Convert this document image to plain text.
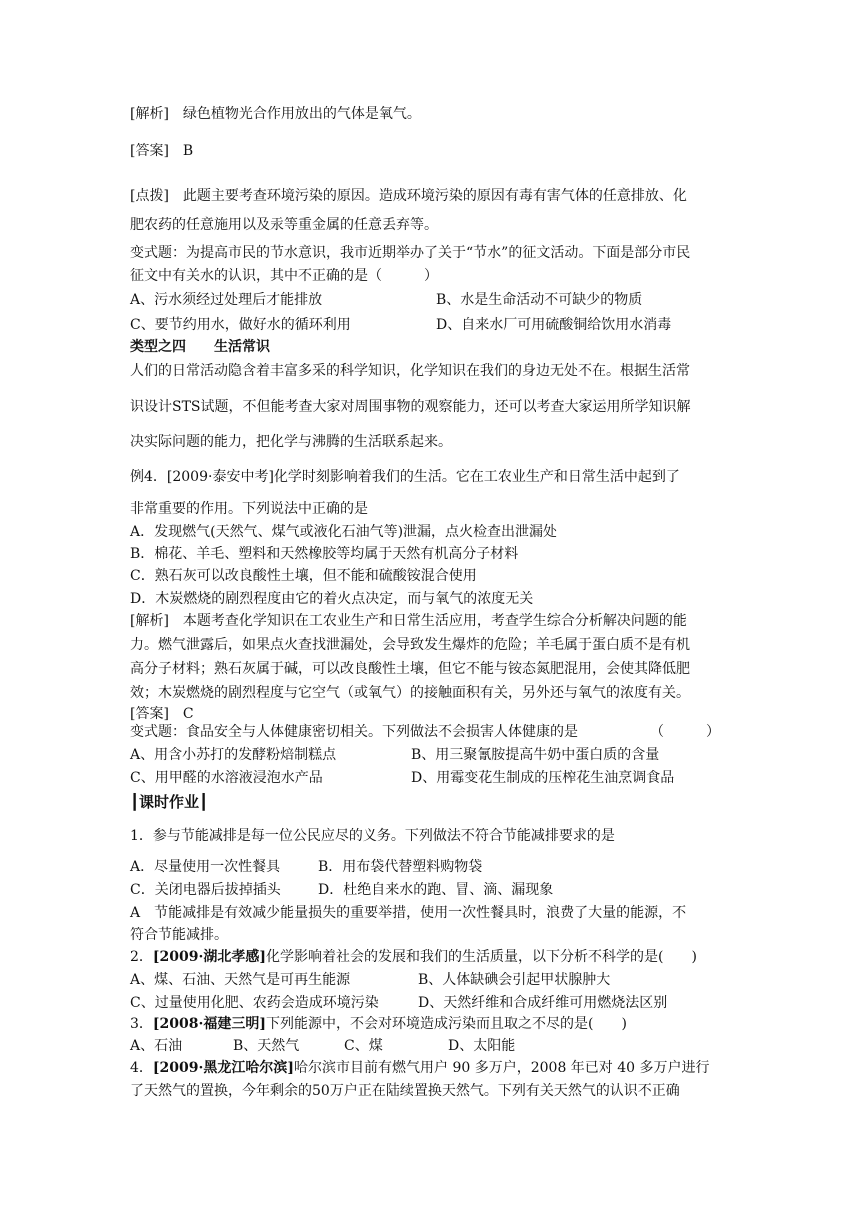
[解析]　绿色植物光合作用放出的气体是氧气。
[答案]　B
[点拨]　此题主要考查环境污染的原因。造成环境污染的原因有毒有害气体的任意排放、化
肥农药的任意施用以及汞等重金属的任意丢弃等。
变式题：为提高市民的节水意识，我市近期举办了关于“节水”的征文活动。下面是部分市民
征文中有关水的认识，其中不正确的是（　　　）
A、污水须经过处理后才能排放	B、水是生命活动不可缺少的物质
C、要节约用水，做好水的循环利用	D、自来水厂可用硫酸铜给饮用水消毒
类型之四　　生活常识
人们的日常活动隐含着丰富多采的科学知识，化学知识在我们的身边无处不在。根据生活常
识设计STS试题，不但能考查大家对周围事物的观察能力，还可以考查大家运用所学知识解
决实际问题的能力，把化学与沸腾的生活联系起来。
例4．[2009·泰安中考]化学时刻影响着我们的生活。它在工农业生产和日常生活中起到了
非常重要的作用。下列说法中正确的是
A．发现燃气(天然气、煤气或液化石油气等)泄漏，点火检查出泄漏处
B．棉花、羊毛、塑料和天然橡胶等均属于天然有机高分子材料
C．熟石灰可以改良酸性土壤，但不能和硫酸铵混合使用
D．木炭燃烧的剧烈程度由它的着火点决定，而与氧气的浓度无关
[解析]　本题考查化学知识在工农业生产和日常生活应用，考查学生综合分析解决问题的能
力。燃气泄露后，如果点火查找泄漏处，会导致发生爆炸的危险；羊毛属于蛋白质不是有机
高分子材料；熟石灰属于碱，可以改良酸性土壤，但它不能与铵态氮肥混用，会使其降低肥
效；木炭燃烧的剧烈程度与它空气（或氧气）的接触面积有关，另外还与氧气的浓度有关。
[答案]　C
变式题：食品安全与人体健康密切相关。下列做法不会损害人体健康的是	（　　　）
A、用含小苏打的发酵粉焙制糕点	B、用三聚氰胺提高牛奶中蛋白质的含量
C、用甲醛的水溶液浸泡水产品	D、用霉变花生制成的压榨花生油烹调食品
┃课时作业┃
1．参与节能减排是每一位公民应尽的义务。下列做法不符合节能减排要求的是
A．尽量使用一次性餐具	B．用布袋代替塑料购物袋
C．关闭电器后拔掉插头	D．杜绝自来水的跑、冒、滴、漏现象
A　节能减排是有效减少能量损失的重要举措，使用一次性餐具时，浪费了大量的能源，不
符合节能减排。
2．[2009·湖北孝感]化学影响着社会的发展和我们的生活质量，以下分析不科学的是(　　)
A、煤、石油、天然气是可再生能源	B、人体缺碘会引起甲状腺肿大
C、过量使用化肥、农药会造成环境污染	D、天然纤维和合成纤维可用燃烧法区别
3．[2008·福建三明]下列能源中，不会对环境造成污染而且取之不尽的是(　　)
A、石油	B、天然气	C、煤	D、太阳能
4．[2009·黑龙江哈尔滨]哈尔滨市目前有燃气用户 90 多万户，2008 年已对 40 多万户进行
了天然气的置换，今年剩余的50万户正在陆续置换天然气。下列有关天然气的认识不正确
